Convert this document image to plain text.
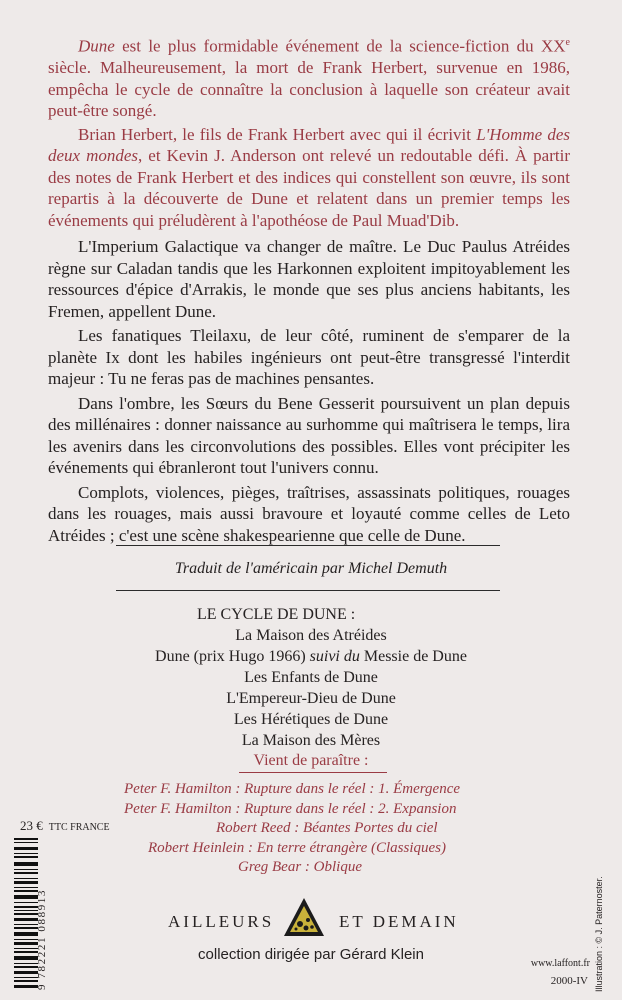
Dune est le plus formidable événement de la science-fiction du XXe siècle. Malheureusement, la mort de Frank Herbert, survenue en 1986, empêcha le cycle de connaître la conclusion à laquelle son créateur avait peut-être songé.

Brian Herbert, le fils de Frank Herbert avec qui il écrivit L'Homme des deux mondes, et Kevin J. Anderson ont relevé un redoutable défi. À partir des notes de Frank Herbert et des indices qui constellent son œuvre, ils sont repartis à la découverte de Dune et relatent dans un premier temps les événements qui préludèrent à l'apothéose de Paul Muad'Dib.

L'Imperium Galactique va changer de maître. Le Duc Paulus Atréides règne sur Caladan tandis que les Harkonnen exploitent impitoyablement les ressources d'épice d'Arrakis, le monde que ses plus anciens habitants, les Fremen, appellent Dune.

Les fanatiques Tleilaxu, de leur côté, ruminent de s'emparer de la planète Ix dont les habiles ingénieurs ont peut-être transgressé l'interdit majeur : Tu ne feras pas de machines pensantes.

Dans l'ombre, les Sœurs du Bene Gesserit poursuivent un plan depuis des millénaires : donner naissance au surhomme qui maîtrisera le temps, lira les avenirs dans les circonvolutions des possibles. Elles vont précipiter les événements qui ébranleront tout l'univers connu.

Complots, violences, pièges, traîtrises, assassinats politiques, rouages dans les rouages, mais aussi bravoure et loyauté comme celles de Leto Atréides ; c'est une scène shakespearienne que celle de Dune.

Traduit de l'américain par Michel Demuth
LE CYCLE DE DUNE :
La Maison des Atréides
Dune (prix Hugo 1966) suivi du Messie de Dune
Les Enfants de Dune
L'Empereur-Dieu de Dune
Les Hérétiques de Dune
La Maison des Mères
Vient de paraître :
Peter F. Hamilton : Rupture dans le réel : 1. Émergence
Peter F. Hamilton : Rupture dans le réel : 2. Expansion
Robert Reed : Béantes Portes du ciel
Robert Heinlein : En terre étrangère (Classiques)
Greg Bear : Oblique
23 € TTC FRANCE
9 782221 088913	AILLEURS	ET DEMAIN
collection dirigée par Gérard Klein
www.laffont.fr
2000-IV Illustration : © J. Paternoster.
